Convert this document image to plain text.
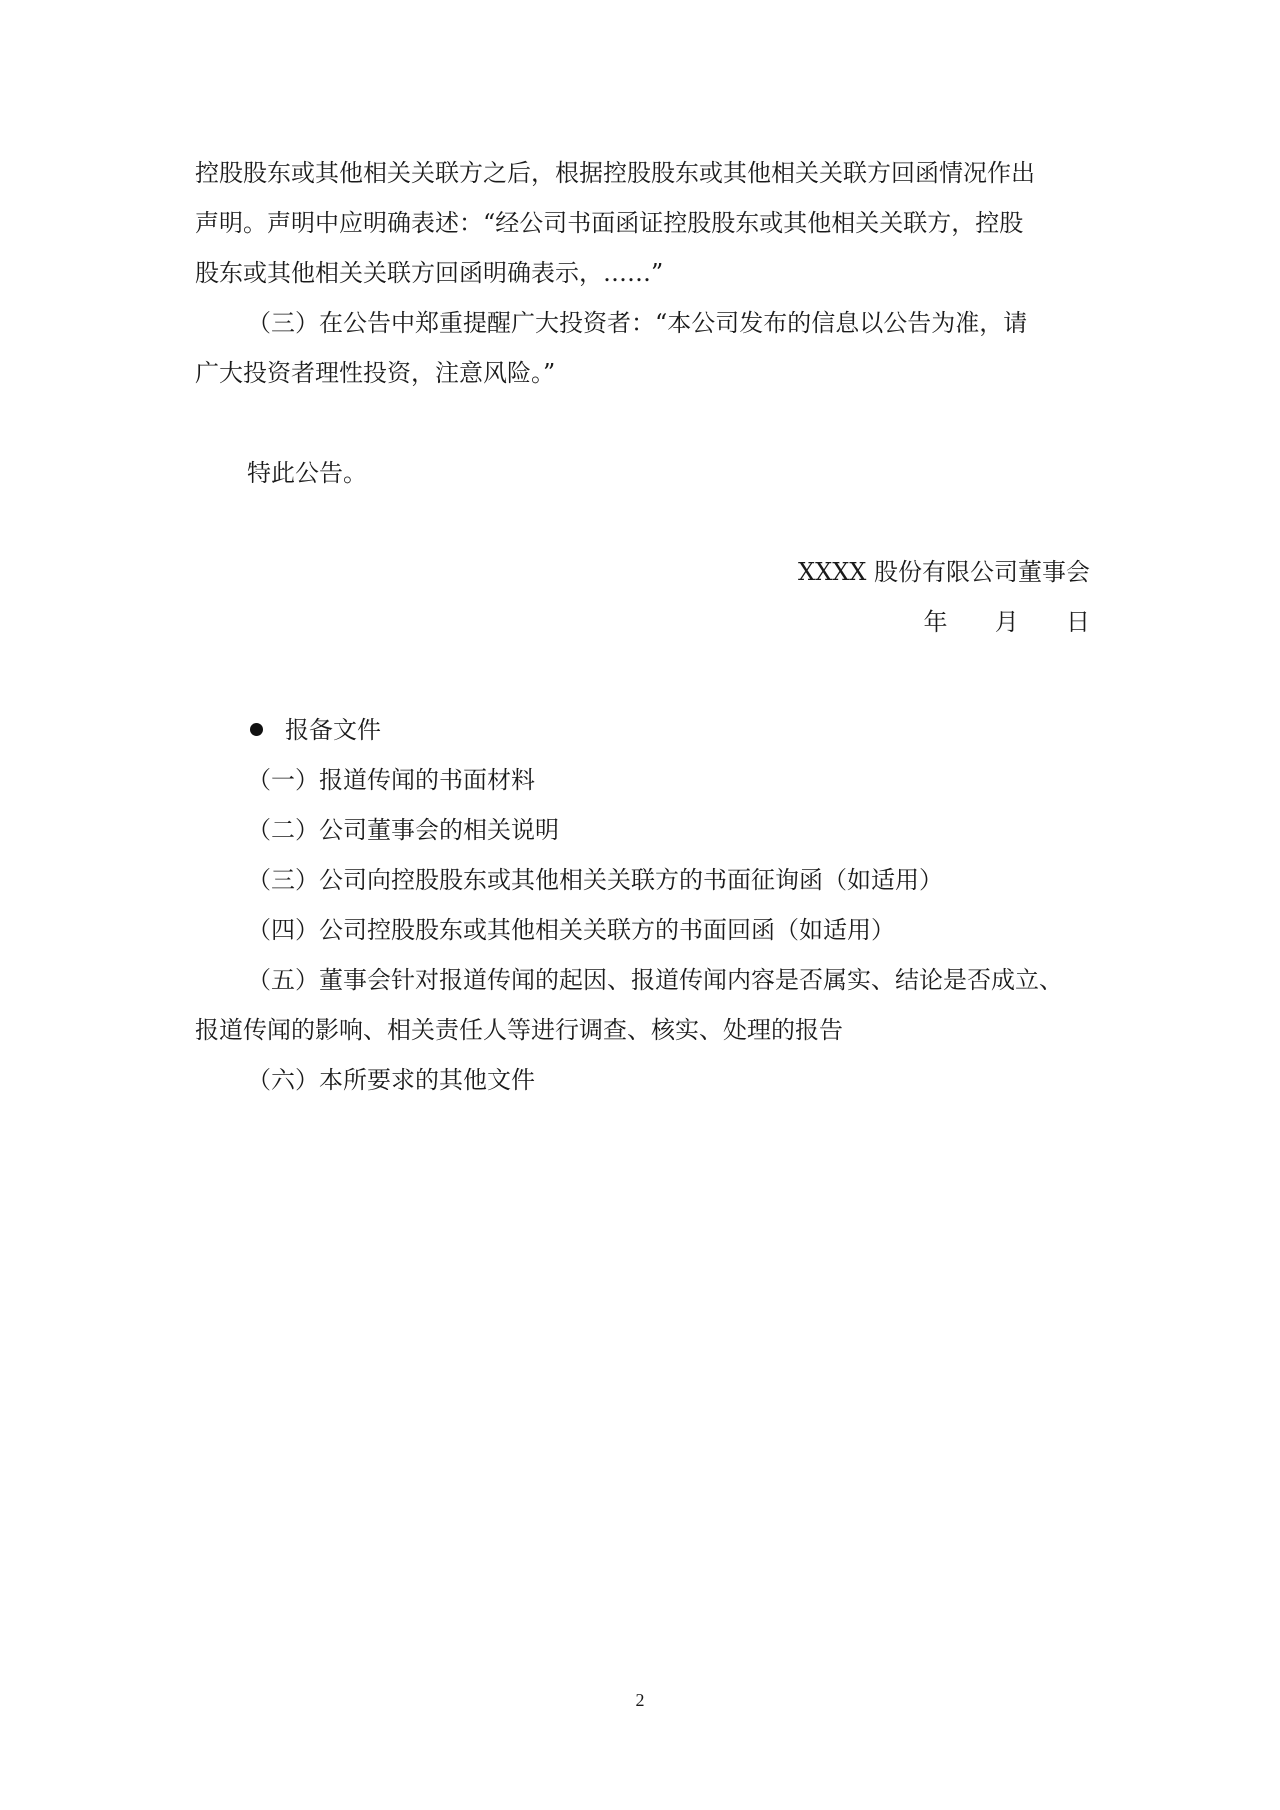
控股股东或其他相关关联方之后，根据控股股东或其他相关关联方回函情况作出
声明。声明中应明确表述：“经公司书面函证控股股东或其他相关关联方，控股
股东或其他相关关联方回函明确表示，……”
（三）在公告中郑重提醒广大投资者：“本公司发布的信息以公告为准，请
广大投资者理性投资，注意风险。”
特此公告。
XXXX 股份有限公司董事会
年 月 日
报备文件
（一）报道传闻的书面材料
（二）公司董事会的相关说明
（三）公司向控股股东或其他相关关联方的书面征询函（如适用）
（四）公司控股股东或其他相关关联方的书面回函（如适用）
（五）董事会针对报道传闻的起因、报道传闻内容是否属实、结论是否成立、
报道传闻的影响、相关责任人等进行调查、核实、处理的报告
（六）本所要求的其他文件
2
